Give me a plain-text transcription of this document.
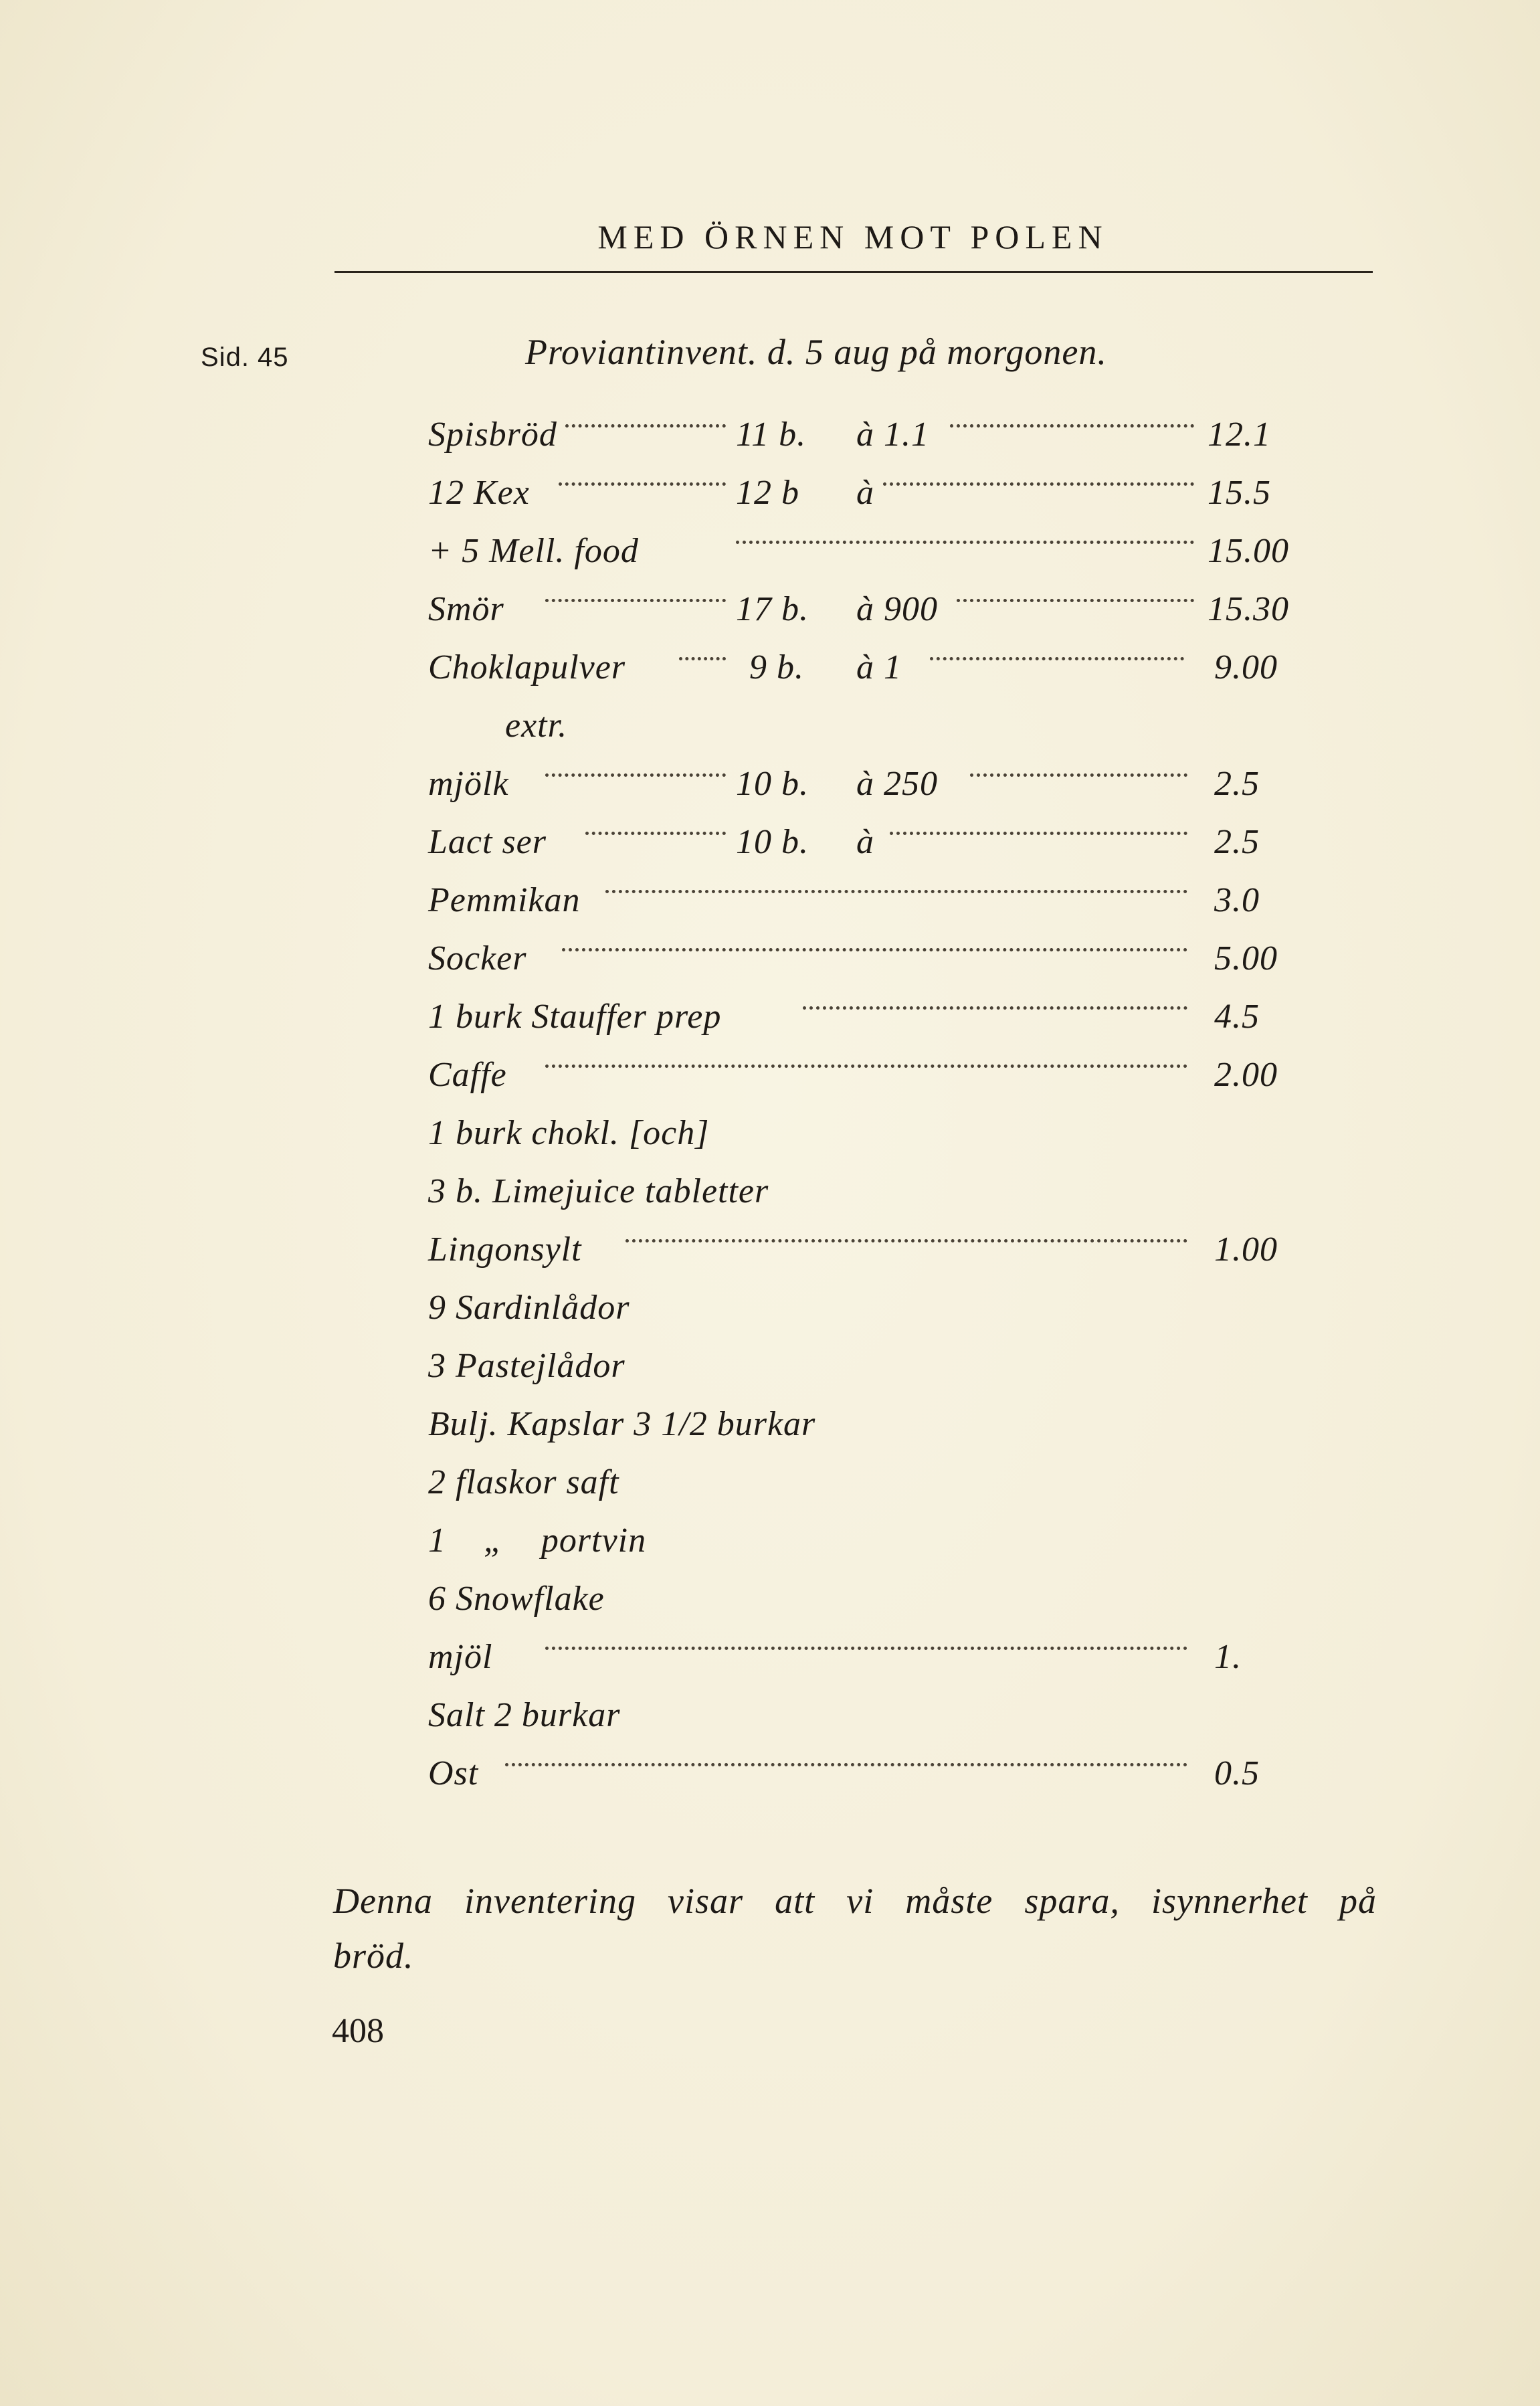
MED ÖRNEN MOT POLEN
Sid. 45	Proviantinvent. d. 5 aug på morgonen.
Spisbröd	11 b. à 1.1	12.1
12 Kex	12 b à	15.5
+ 5 Mell. food	15.00
Smör	17 b. à 900	15.30
Choklapulver	9 b. à 1	9.00
extr.
mjölk	10 b. à 250	2.5
Lact ser	10 b. à	2.5
Pemmikan	3.0
Socker	5.00
1 burk Stauffer prep	4.5
Caffe	2.00
1 burk chokl. [och]
3 b. Limejuice tabletter
Lingonsylt	1.00
9 Sardinlådor
3 Pastejlådor
Bulj. Kapslar 3 1/2 burkar
2 flaskor saft
1    „    portvin
6 Snowflake
mjöl	1.
Salt 2 burkar
Ost	0.5
Denna inventering visar att vi måste spara, isynnerhet på
bröd.
408
